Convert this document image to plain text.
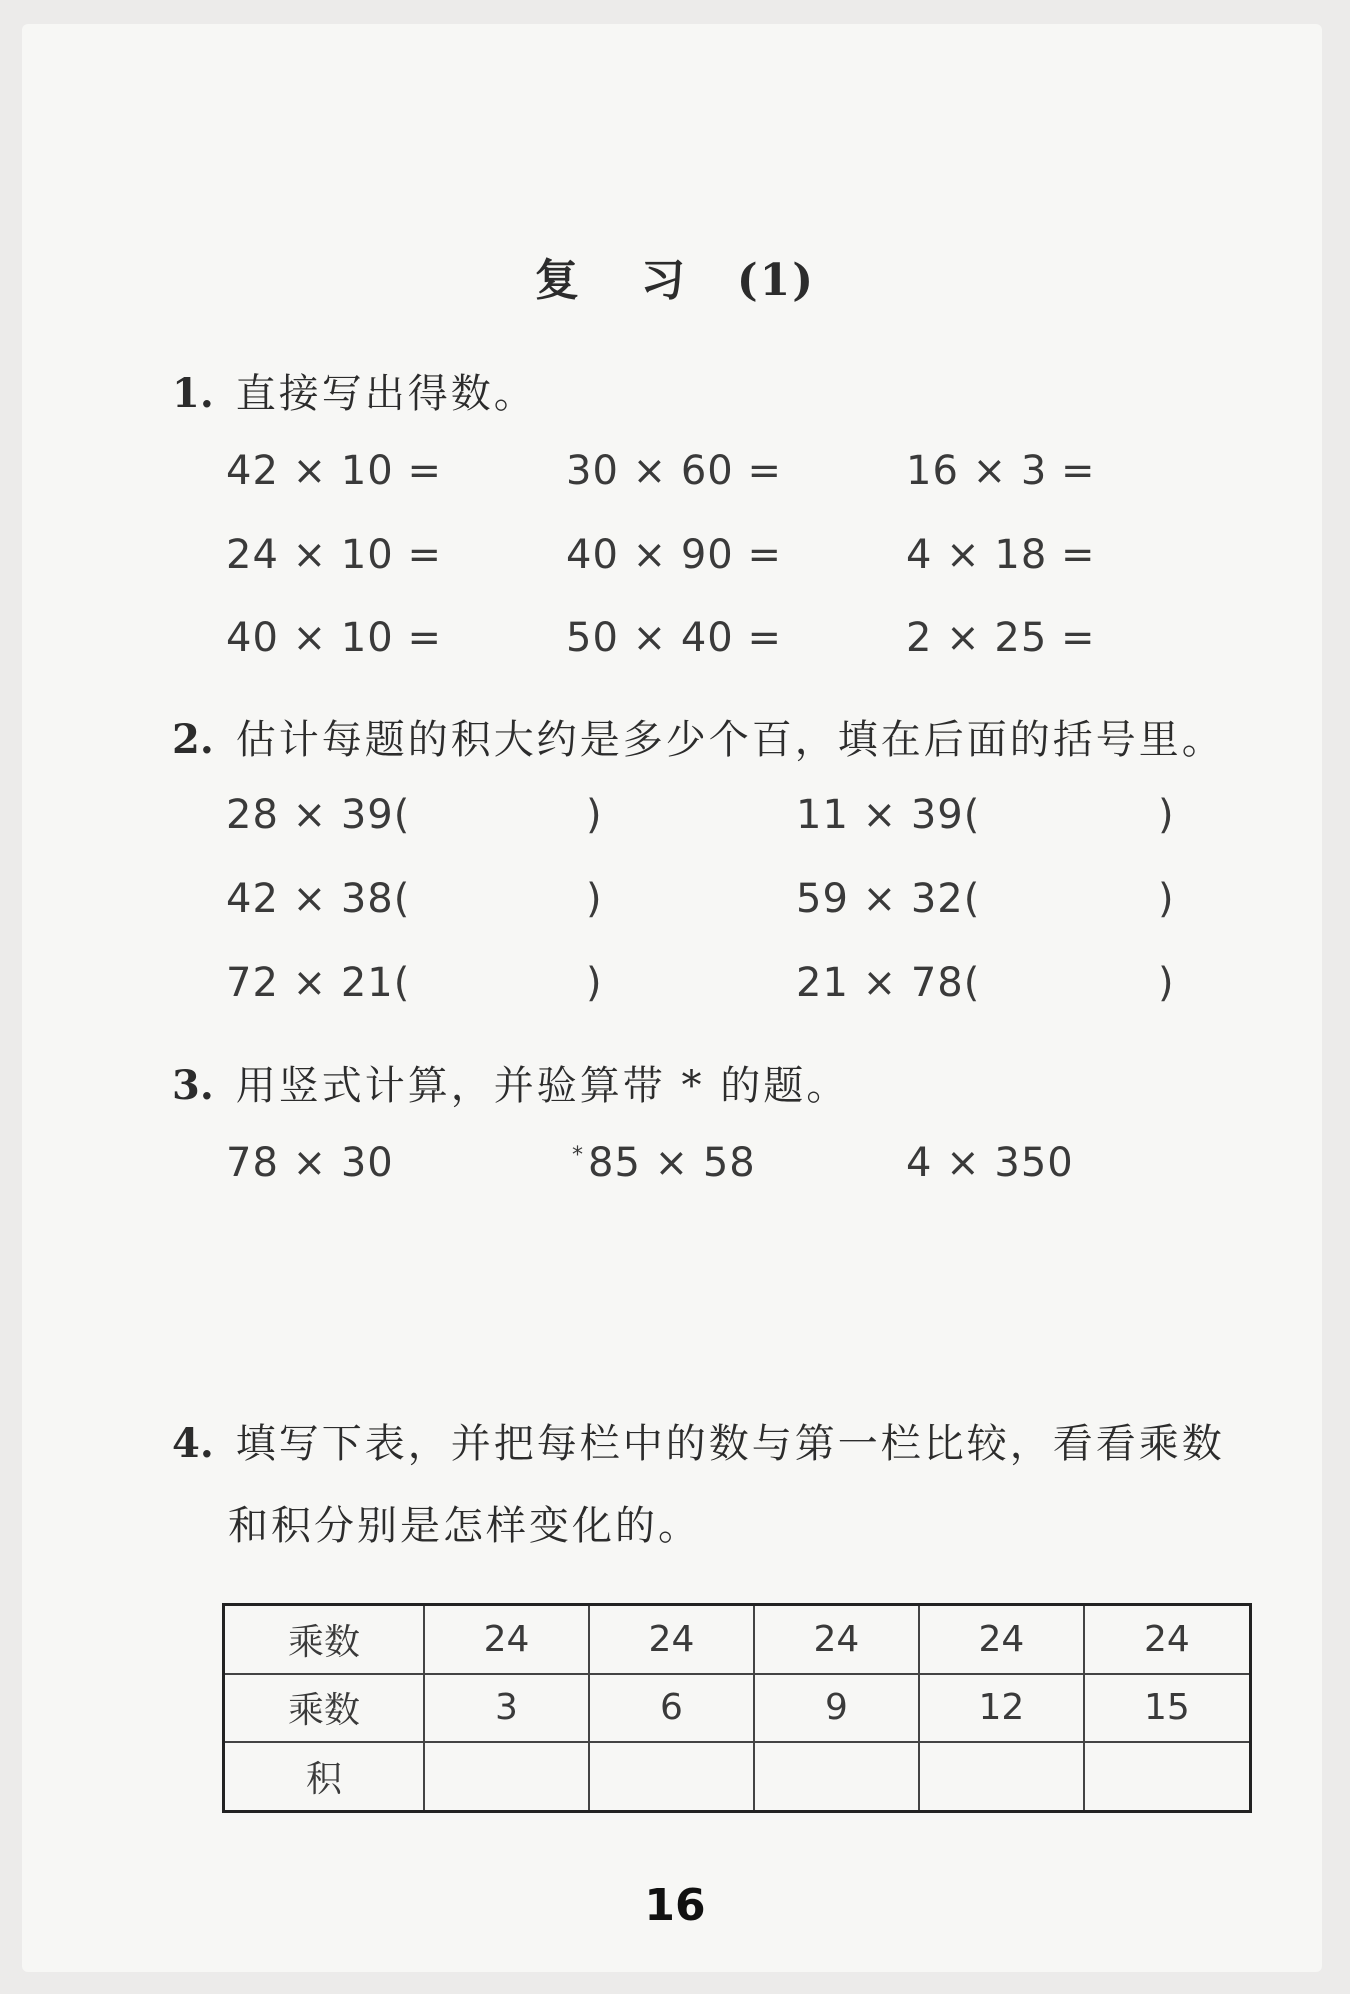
复 习 (1)
1. 直接写出得数。
42 × 10 =	30 × 60 =	16 × 3 =
24 × 10 =	40 × 90 =	4 × 18 =
40 × 10 =	50 × 40 =	2 × 25 =
2. 估计每题的积大约是多少个百，填在后面的括号里。
28 × 39(	)	11 × 39(	)
42 × 38(	)	59 × 32(	)
72 × 21(	)	21 × 78(	)
3. 用竖式计算，并验算带 * 的题。
78 × 30	* 85 × 58	4 × 350
4. 填写下表，并把每栏中的数与第一栏比较，看看乘数
和积分别是怎样变化的。
乘数	24	24	24	24	24
乘数	3	6	9	12	15
积					
16
